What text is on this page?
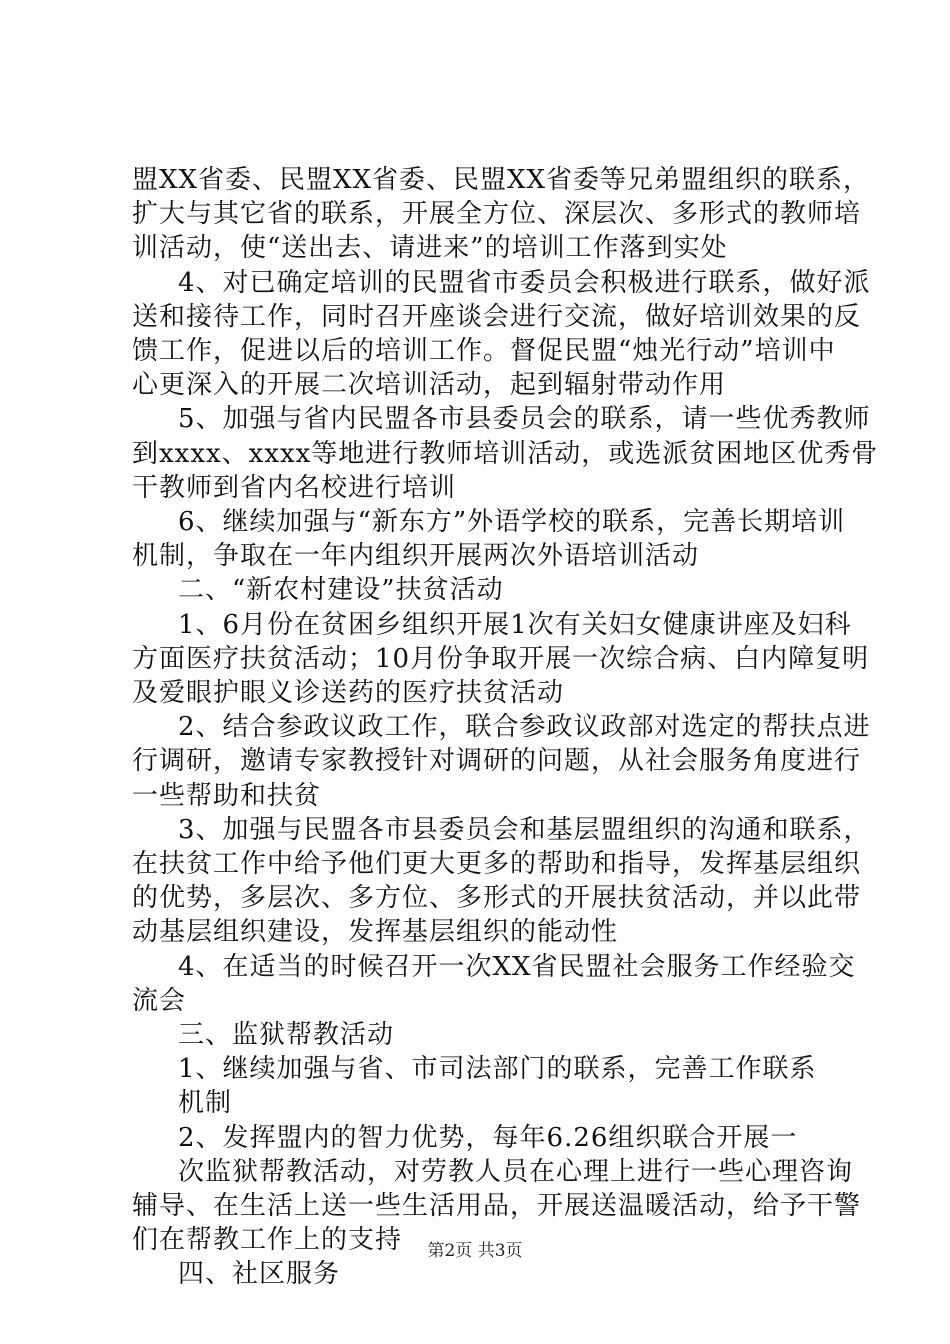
盟XX省委、民盟XX省委、民盟XX省委等兄弟盟组织的联系，
扩大与其它省的联系，开展全方位、深层次、多形式的教师培
训活动，使“送出去、请进来”的培训工作落到实处
4、对已确定培训的民盟省市委员会积极进行联系，做好派
送和接待工作，同时召开座谈会进行交流，做好培训效果的反
馈工作，促进以后的培训工作。督促民盟“烛光行动”培训中
心更深入的开展二次培训活动，起到辐射带动作用
5、加强与省内民盟各市县委员会的联系，请一些优秀教师
到xxxx、xxxx等地进行教师培训活动，或选派贫困地区优秀骨
干教师到省内名校进行培训
6、继续加强与“新东方”外语学校的联系，完善长期培训
机制，争取在一年内组织开展两次外语培训活动
二、“新农村建设”扶贫活动
1、6月份在贫困乡组织开展1次有关妇女健康讲座及妇科
方面医疗扶贫活动；10月份争取开展一次综合病、白内障复明
及爱眼护眼义诊送药的医疗扶贫活动
2、结合参政议政工作，联合参政议政部对选定的帮扶点进
行调研，邀请专家教授针对调研的问题，从社会服务角度进行
一些帮助和扶贫
3、加强与民盟各市县委员会和基层盟组织的沟通和联系，
在扶贫工作中给予他们更大更多的帮助和指导，发挥基层组织
的优势，多层次、多方位、多形式的开展扶贫活动，并以此带
动基层组织建设，发挥基层组织的能动性
4、在适当的时候召开一次XX省民盟社会服务工作经验交
流会
三、监狱帮教活动
1、继续加强与省、市司法部门的联系，完善工作联系
机制
2、发挥盟内的智力优势，每年6.26组织联合开展一
次监狱帮教活动，对劳教人员在心理上进行一些心理咨询
辅导、在生活上送一些生活用品，开展送温暖活动，给予干警
们在帮教工作上的支持
四、社区服务
第2页 共3页
